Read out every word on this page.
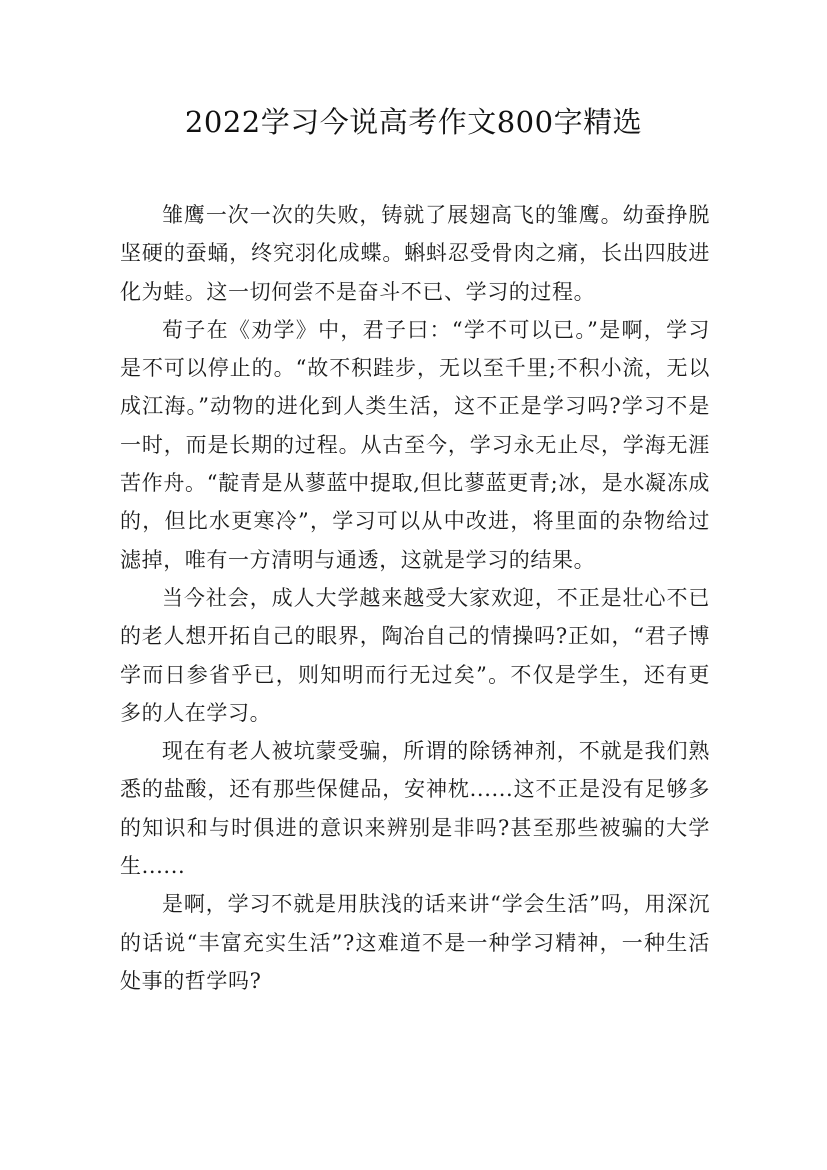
2022学习今说高考作文800字精选

雏鹰一次一次的失败，铸就了展翅高飞的雏鹰。幼蚕挣脱坚硬的蚕蛹，终究羽化成蝶。蝌蚪忍受骨肉之痛，长出四肢进化为蛙。这一切何尝不是奋斗不已、学习的过程。

荀子在《劝学》中，君子曰：“学不可以已。”是啊，学习是不可以停止的。“故不积跬步，无以至千里;不积小流，无以成江海。”动物的进化到人类生活，这不正是学习吗?学习不是一时，而是长期的过程。从古至今，学习永无止尽，学海无涯苦作舟。“靛青是从蓼蓝中提取,但比蓼蓝更青;冰，是水凝冻成的，但比水更寒冷”，学习可以从中改进，将里面的杂物给过滤掉，唯有一方清明与通透，这就是学习的结果。

当今社会，成人大学越来越受大家欢迎，不正是壮心不已的老人想开拓自己的眼界，陶冶自己的情操吗?正如，“君子博学而日参省乎已，则知明而行无过矣”。不仅是学生，还有更多的人在学习。

现在有老人被坑蒙受骗，所谓的除锈神剂，不就是我们熟悉的盐酸，还有那些保健品，安神枕......这不正是没有足够多的知识和与时俱进的意识来辨别是非吗?甚至那些被骗的大学生......

是啊，学习不就是用肤浅的话来讲“学会生活”吗，用深沉的话说“丰富充实生活”?这难道不是一种学习精神，一种生活处事的哲学吗?
